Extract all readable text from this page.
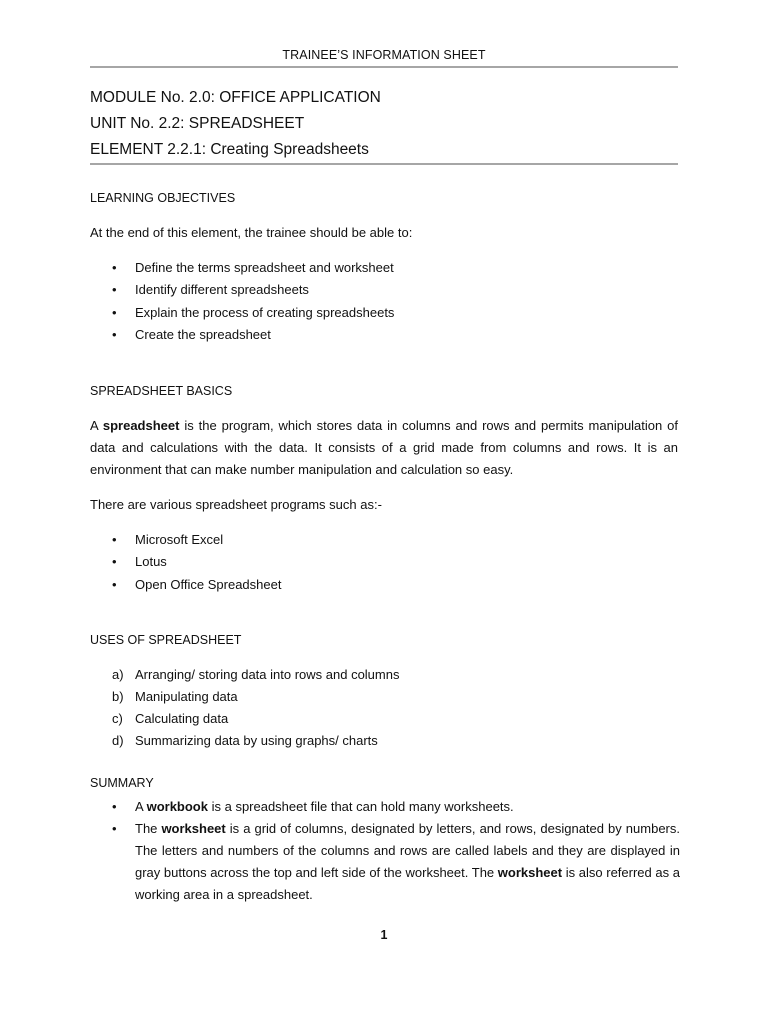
TRAINEE’S INFORMATION SHEET
MODULE No. 2.0: OFFICE APPLICATION
UNIT No. 2.2: SPREADSHEET
ELEMENT 2.2.1: Creating Spreadsheets
LEARNING OBJECTIVES
At the end of this element, the trainee should be able to:
• Define the terms spreadsheet and worksheet
• Identify different spreadsheets
• Explain the process of creating spreadsheets
• Create the spreadsheet
SPREADSHEET BASICS
A spreadsheet is the program, which stores data in columns and rows and permits manipulation of data and calculations with the data. It consists of a grid made from columns and rows. It is an environment that can make number manipulation and calculation so easy.
There are various spreadsheet programs such as:-
• Microsoft Excel
• Lotus
• Open Office Spreadsheet
USES OF SPREADSHEET
a) Arranging/ storing data into rows and columns
b) Manipulating data
c) Calculating data
d) Summarizing data by using graphs/ charts
SUMMARY
• A workbook is a spreadsheet file that can hold many worksheets.
• The worksheet is a grid of columns, designated by letters, and rows, designated by numbers. The letters and numbers of the columns and rows are called labels and they are displayed in gray buttons across the top and left side of the worksheet. The worksheet is also referred as a working area in a spreadsheet.
1
